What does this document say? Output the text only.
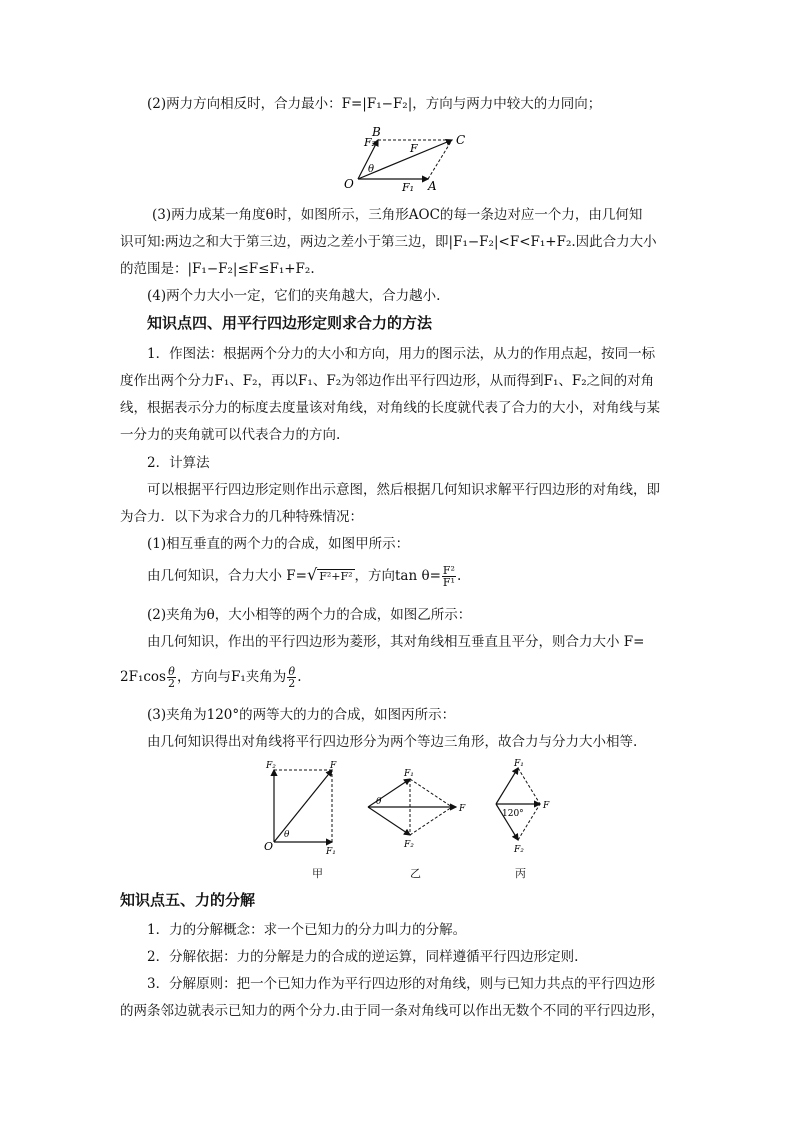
(2)两力方向相反时，合力最小：F=|F₁−F₂|，方向与两力中较大的力同向；
O	A
B
C
F
F₁
F₂
θ
(3)两力成某一角度θ时，如图所示，三角形AOC的每一条边对应一个力，由几何知
识可知:两边之和大于第三边，两边之差小于第三边，即|F₁−F₂|<F<F₁+F₂.因此合力大小
的范围是：|F₁−F₂|≤F≤F₁+F₂.
(4)两个力大小一定，它们的夹角越大，合力越小.
知识点四、用平行四边形定则求合力的方法
1．作图法：根据两个分力的大小和方向，用力的图示法，从力的作用点起，按同一标
度作出两个分力F₁、F₂，再以F₁、F₂为邻边作出平行四边形，从而得到F₁、F₂之间的对角
线，根据表示分力的标度去度量该对角线，对角线的长度就代表了合力的大小，对角线与某
一分力的夹角就可以代表合力的方向.
2．计算法
可以根据平行四边形定则作出示意图，然后根据几何知识求解平行四边形的对角线，即
为合力．以下为求合力的几种特殊情况：
(1)相互垂直的两个力的合成，如图甲所示：
由几何知识，合力大小 F=√ F²+F² ，方向$\tan \theta= \frac{\text{F²}}{\text{F¹}}$ .
(2)夹角为θ，大小相等的两个力的合成，如图乙所示：
由几何知识，作出的平行四边形为菱形，其对角线相互垂直且平分，则合力大小 F=
$2F_1\cos \frac{\theta}{2}$ ，方向与F₁夹角为 $\frac{\theta}{2}$ .
(3)夹角为120°的两等大的力的合成，如图丙所示：
由几何知识得出对角线将平行四边形分为两个等边三角形，故合力与分力大小相等.
O
F₂	F
F₁
θ
甲
F₁
F₂
F
θ
乙
F₁
F₂
F
120°
丙
知识点五、力的分解
1．力的分解概念：求一个已知力的分力叫力的分解。
2．分解依据：力的分解是力的合成的逆运算，同样遵循平行四边形定则.
3．分解原则：把一个已知力作为平行四边形的对角线，则与已知力共点的平行四边形
的两条邻边就表示已知力的两个分力.由于同一条对角线可以作出无数个不同的平行四边形，
